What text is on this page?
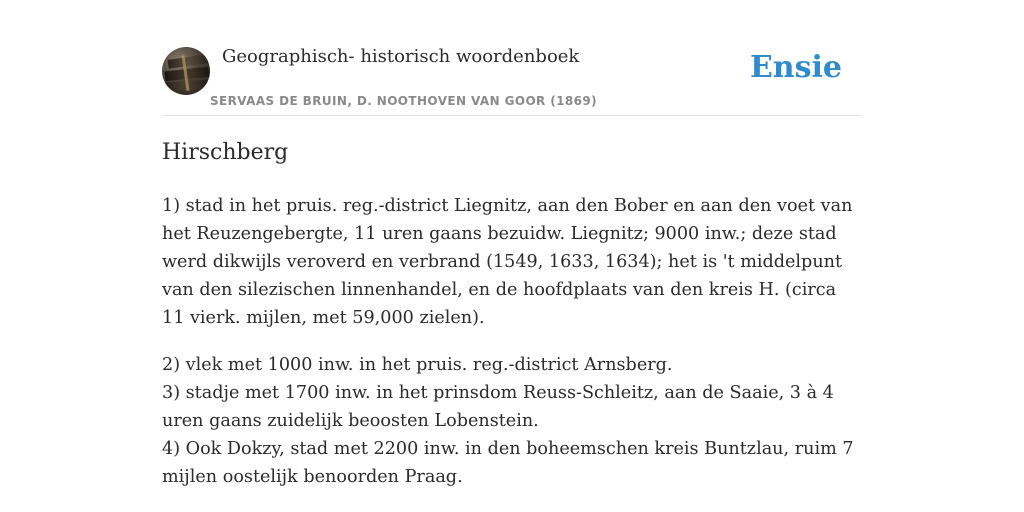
Geographisch- historisch woordenboek
SERVAAS DE BRUIN, D. NOOTHOVEN VAN GOOR (1869)
Ensie
Hirschberg

1) stad in het pruis. reg.-district Liegnitz, aan den Bober en aan den voet van het Reuzengebergte, 11 uren gaans bezuidw. Liegnitz; 9000 inw.; deze stad werd dikwijls veroverd en verbrand (1549, 1633, 1634); het is 't middelpunt van den silezischen linnenhandel, en de hoofdplaats van den kreis H. (circa 11 vierk. mijlen, met 59,000 zielen).

2) vlek met 1000 inw. in het pruis. reg.-district Arnsberg.
3) stadje met 1700 inw. in het prinsdom Reuss-Schleitz, aan de Saaie, 3 à 4 uren gaans zuidelijk beoosten Lobenstein.
4) Ook Dokzy, stad met 2200 inw. in den boheemschen kreis Buntzlau, ruim 7 mijlen oostelijk benoorden Praag.
